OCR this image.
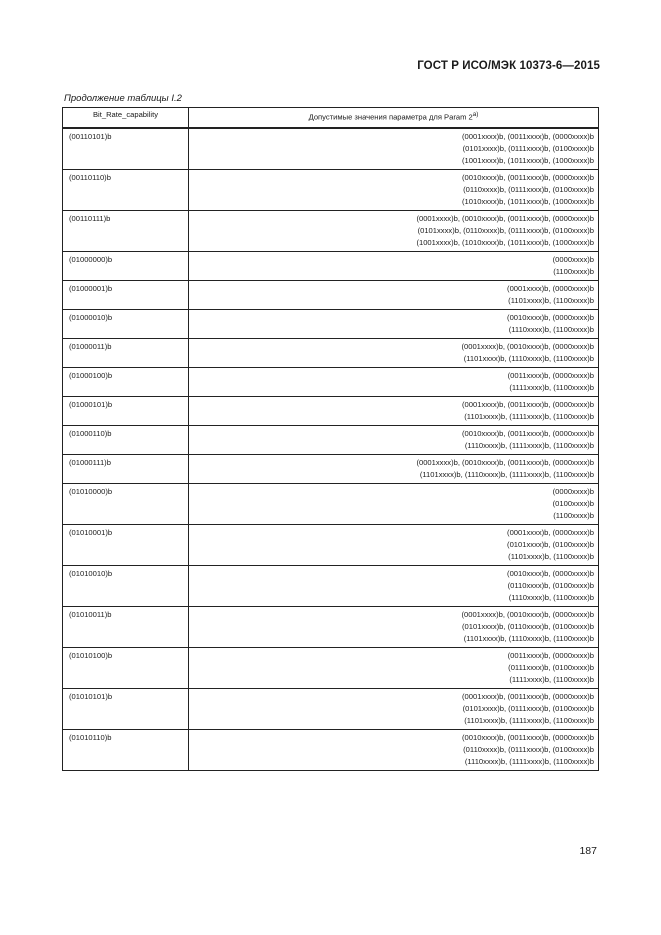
ГОСТ Р ИСО/МЭК 10373-6—2015
Продолжение таблицы I.2
Bit_Rate_capability	Допустимые значения параметра для Param 2$^{a)}$
(00110101)b	(0001xxxx)b, (0011xxxx)b, (0000xxxx)b
(0101xxxx)b, (0111xxxx)b, (0100xxxx)b
(1001xxxx)b, (1011xxxx)b, (1000xxxx)b

(00110110)b	(0010xxxx)b, (0011xxxx)b, (0000xxxx)b
(0110xxxx)b, (0111xxxx)b, (0100xxxx)b
(1010xxxx)b, (1011xxxx)b, (1000xxxx)b

(00110111)b	(0001xxxx)b, (0010xxxx)b, (0011xxxx)b, (0000xxxx)b
(0101xxxx)b, (0110xxxx)b, (0111xxxx)b, (0100xxxx)b
(1001xxxx)b, (1010xxxx)b, (1011xxxx)b, (1000xxxx)b

(01000000)b	(0000xxxx)b
(1100xxxx)b

(01000001)b	(0001xxxx)b, (0000xxxx)b
(1101xxxx)b, (1100xxxx)b

(01000010)b	(0010xxxx)b, (0000xxxx)b
(1110xxxx)b, (1100xxxx)b

(01000011)b	(0001xxxx)b, (0010xxxx)b, (0000xxxx)b
(1101xxxx)b, (1110xxxx)b, (1100xxxx)b

(01000100)b	(0011xxxx)b, (0000xxxx)b
(1111xxxx)b, (1100xxxx)b

(01000101)b	(0001xxxx)b, (0011xxxx)b, (0000xxxx)b
(1101xxxx)b, (1111xxxx)b, (1100xxxx)b

(01000110)b	(0010xxxx)b, (0011xxxx)b, (0000xxxx)b
(1110xxxx)b, (1111xxxx)b, (1100xxxx)b

(01000111)b	(0001xxxx)b, (0010xxxx)b, (0011xxxx)b, (0000xxxx)b
(1101xxxx)b, (1110xxxx)b, (1111xxxx)b, (1100xxxx)b

(01010000)b	(0000xxxx)b
(0100xxxx)b
(1100xxxx)b

(01010001)b	(0001xxxx)b, (0000xxxx)b
(0101xxxx)b, (0100xxxx)b
(1101xxxx)b, (1100xxxx)b

(01010010)b	(0010xxxx)b, (0000xxxx)b
(0110xxxx)b, (0100xxxx)b
(1110xxxx)b, (1100xxxx)b

(01010011)b	(0001xxxx)b, (0010xxxx)b, (0000xxxx)b
(0101xxxx)b, (0110xxxx)b, (0100xxxx)b
(1101xxxx)b, (1110xxxx)b, (1100xxxx)b

(01010100)b	(0011xxxx)b, (0000xxxx)b
(0111xxxx)b, (0100xxxx)b
(1111xxxx)b, (1100xxxx)b

(01010101)b	(0001xxxx)b, (0011xxxx)b, (0000xxxx)b
(0101xxxx)b, (0111xxxx)b, (0100xxxx)b
(1101xxxx)b, (1111xxxx)b, (1100xxxx)b

(01010110)b	(0010xxxx)b, (0011xxxx)b, (0000xxxx)b
(0110xxxx)b, (0111xxxx)b, (0100xxxx)b
(1110xxxx)b, (1111xxxx)b, (1100xxxx)b
187
